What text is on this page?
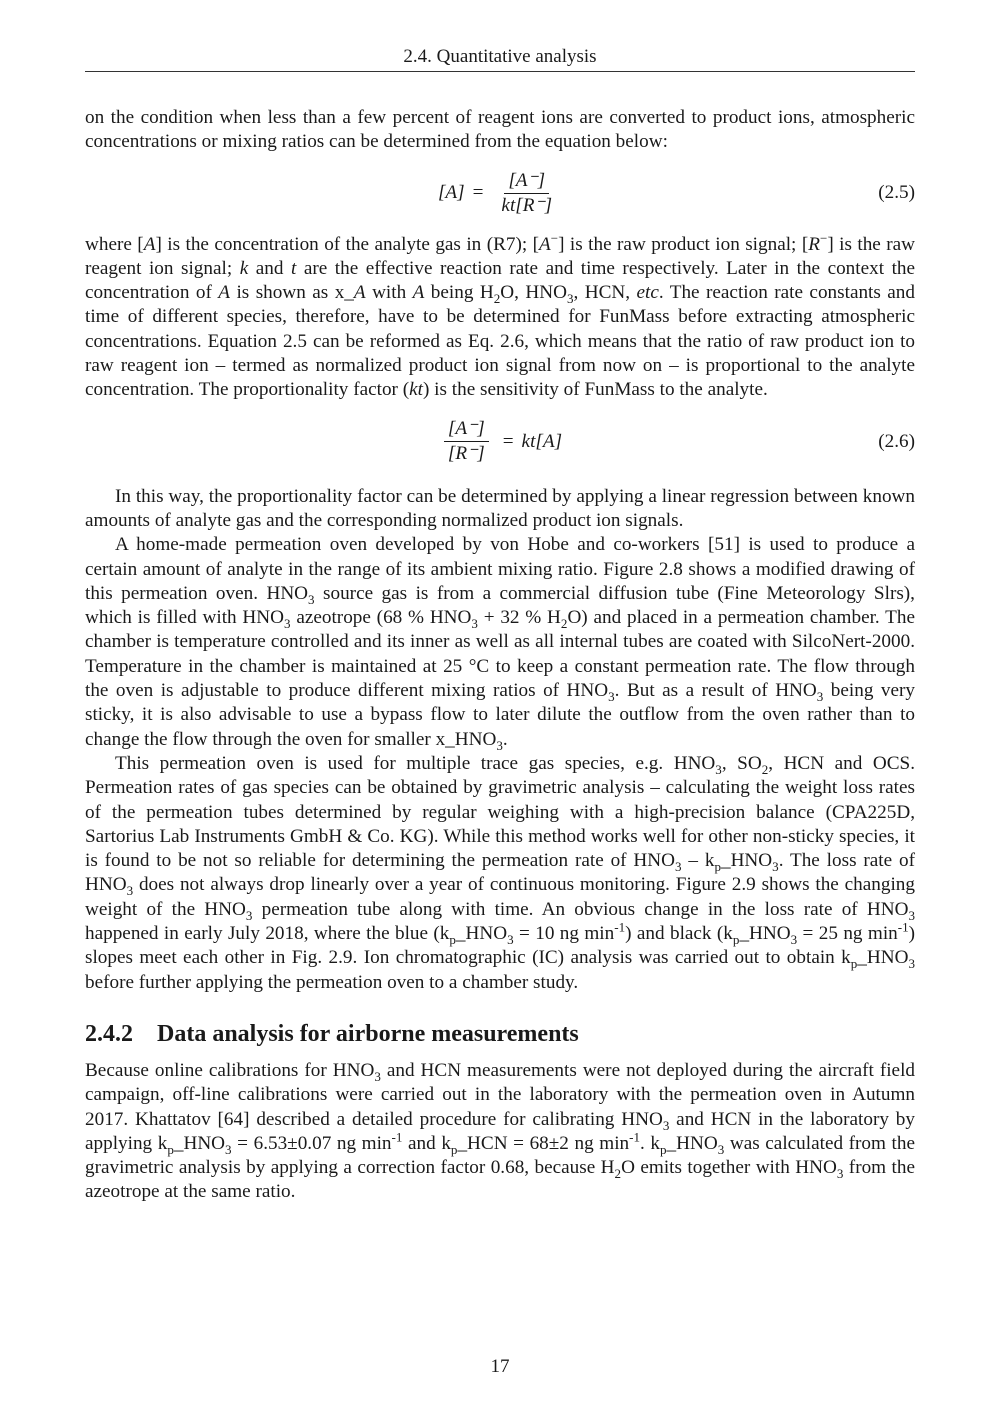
2.4. Quantitative analysis

on the condition when less than a few percent of reagent ions are converted to product ions, atmospheric concentrations or mixing ratios can be determined from the equation below:

$[A] = \frac{[A^-]}{kt[R^-]}$	(2.5)

where [A] is the concentration of the analyte gas in (R7); [A−] is the raw product ion signal; [R−] is the raw reagent ion signal; k and t are the effective reaction rate and time respectively. Later in the context the concentration of A is shown as x_A with A being $H_2O$, $HNO_3$, HCN, etc. The reaction rate constants and time of different species, therefore, have to be determined for FunMass before extracting atmospheric concentrations. Equation 2.5 can be reformed as Eq. 2.6, which means that the ratio of raw product ion to raw reagent ion – termed as normalized product ion signal from now on – is proportional to the analyte concentration. The proportionality factor (kt) is the sensitivity of FunMass to the analyte.

$\frac{[A^-]}{[R^-]} = kt[A]$	(2.6)

In this way, the proportionality factor can be determined by applying a linear regression between known amounts of analyte gas and the corresponding normalized product ion signals.

A home-made permeation oven developed by von Hobe and co-workers [51] is used to produce a certain amount of analyte in the range of its ambient mixing ratio. Figure 2.8 shows a modified drawing of this permeation oven. $HNO_3$ source gas is from a commercial diffusion tube (Fine Meteorology Slrs), which is filled with $HNO_3$ azeotrope (68 % $HNO_3 + 32$ % $H_2O$) and placed in a permeation chamber. The chamber is temperature controlled and its inner as well as all internal tubes are coated with SilcoNert-2000. Temperature in the chamber is maintained at 25 °C to keep a constant permeation rate. The flow through the oven is adjustable to produce different mixing ratios of $HNO_3$. But as a result of $HNO_3$ being very sticky, it is also advisable to use a bypass flow to later dilute the outflow from the oven rather than to change the flow through the oven for smaller $x\_HNO_3$.

This permeation oven is used for multiple trace gas species, e.g. $HNO_3$, $SO_2$, HCN and OCS. Permeation rates of gas species can be obtained by gravimetric analysis – calculating the weight loss rates of the permeation tubes determined by regular weighing with a high-precision balance (CPA225D, Sartorius Lab Instruments GmbH & Co. KG). While this method works well for other non-sticky species, it is found to be not so reliable for determining the permeation rate of $HNO_3$ – $k_p\_HNO_3$. The loss rate of $HNO_3$ does not always drop linearly over a year of continuous monitoring. Figure 2.9 shows the changing weight of the $HNO_3$ permeation tube along with time. An obvious change in the loss rate of $HNO_3$ happened in early July 2018, where the blue ($k_p\_HNO_3 = 10$ ng $\min^{-1}$) and black ($k_p\_HNO_3 = 25$ ng $\min^{-1}$) slopes meet each other in Fig. 2.9. Ion chromatographic (IC) analysis was carried out to obtain $k_p\_HNO_3$ before further applying the permeation oven to a chamber study.

2.4.2 Data analysis for airborne measurements

Because online calibrations for $HNO_3$ and HCN measurements were not deployed during the aircraft field campaign, off-line calibrations were carried out in the laboratory with the permeation oven in Autumn 2017. Khattatov [64] described a detailed procedure for calibrating $HNO_3$ and HCN in the laboratory by applying $k_p\_HNO_3 = 6.53\pm 0.07$ ng $\min^{-1}$ and $k_p\_HCN = 68\pm 2$ ng $\min^{-1}$. $k_p\_HNO_3$ was calculated from the gravimetric analysis by applying a correction factor 0.68, because $H_2O$ emits together with $HNO_3$ from the azeotrope at the same ratio.

17
